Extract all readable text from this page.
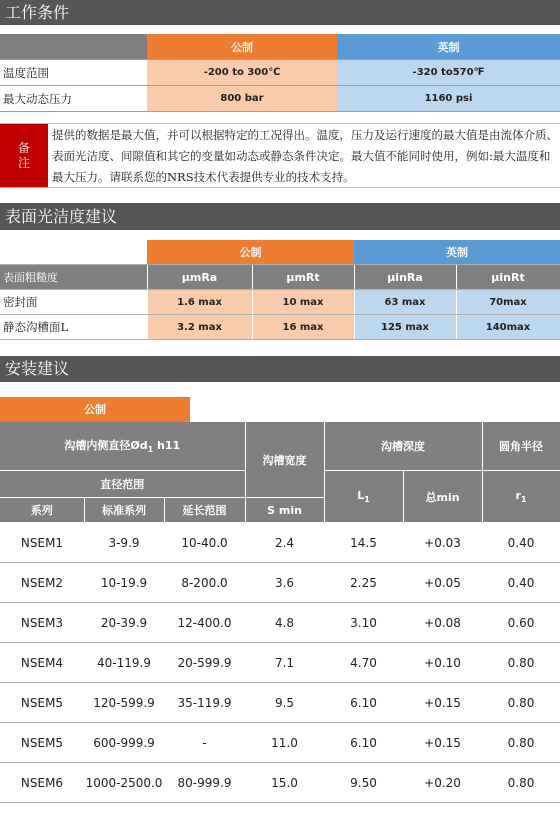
工作条件
	公制	英制
温度范围	-200 to 300℃	-320 to570℉
最大动态压力	800 bar	1160 psi
备
注
提供的数据是最大值，并可以根据特定的工况得出。温度，压力及运行速度的最大值是由流体介质、表面光洁度、间隙值和其它的变量如动态或静态条件决定。最大值不能同时使用，例如:最大温度和最大压力。请联系您的NRS技术代表提供专业的技术支持。
表面光洁度建议
	公制		英制	
表面粗糙度	µmRa	µmRt	µinRa	µinRt
密封面	1.6 max	10 max	63 max	70max
静态沟槽面L	3.2 max	16 max	125 max	140max
安装建议
公制
沟槽内侧直径$Ød_1$ h11			沟槽宽度	沟槽深度		圆角半径
直径范围				$L_1$	总min	$r_1$
系列	标准系列	延长范围	S min			
NSEM1	3-9.9	10-40.0	2.4	14.5	+0.03	0.40
NSEM2	10-19.9	8-200.0	3.6	2.25	+0.05	0.40
NSEM3	20-39.9	12-400.0	4.8	3.10	+0.08	0.60
NSEM4	40-119.9	20-599.9	7.1	4.70	+0.10	0.80
NSEM5	120-599.9	35-119.9	9.5	6.10	+0.15	0.80
NSEM5	600-999.9	-	11.0	6.10	+0.15	0.80
NSEM6	1000-2500.0	80-999.9	15.0	9.50	+0.20	0.80
